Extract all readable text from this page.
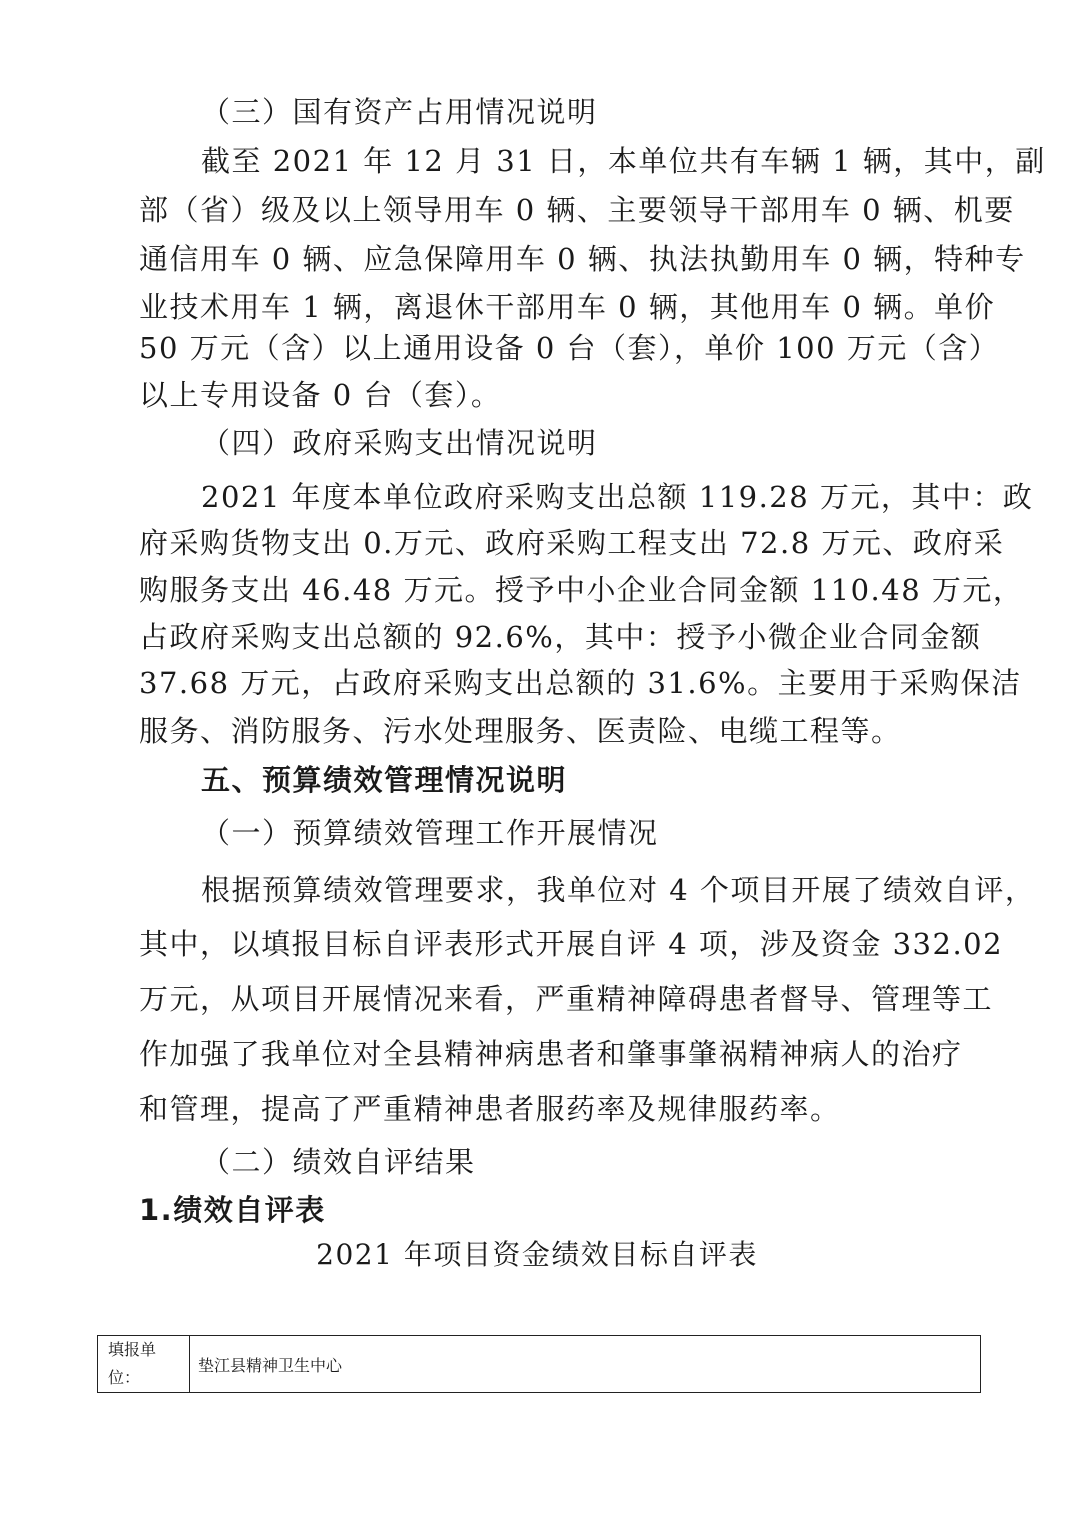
（三）国有资产占用情况说明
截至 2021 年 12 月 31 日，本单位共有车辆 1 辆，其中，副
部（省）级及以上领导用车 0 辆、主要领导干部用车 0 辆、机要
通信用车 0 辆、应急保障用车 0 辆、执法执勤用车 0 辆，特种专
业技术用车 1 辆，离退休干部用车 0 辆，其他用车 0 辆。单价
50 万元（含）以上通用设备 0 台（套），单价 100 万元（含）
以上专用设备 0 台（套）。
（四）政府采购支出情况说明
2021 年度本单位政府采购支出总额 119.28 万元，其中：政
府采购货物支出 0.万元、政府采购工程支出 72.8 万元、政府采
购服务支出 46.48 万元。授予中小企业合同金额 110.48 万元，
占政府采购支出总额的 92.6%，其中：授予小微企业合同金额
37.68 万元，占政府采购支出总额的 31.6%。主要用于采购保洁
服务、消防服务、污水处理服务、医责险、电缆工程等。
五、预算绩效管理情况说明
（一）预算绩效管理工作开展情况
根据预算绩效管理要求，我单位对 4 个项目开展了绩效自评，
其中，以填报目标自评表形式开展自评 4 项，涉及资金 332.02
万元，从项目开展情况来看，严重精神障碍患者督导、管理等工
作加强了我单位对全县精神病患者和肇事肇祸精神病人的治疗
和管理，提高了严重精神患者服药率及规律服药率。
（二）绩效自评结果
1.绩效自评表
2021 年项目资金绩效目标自评表
填报单
位：
	垫江县精神卫生中心
